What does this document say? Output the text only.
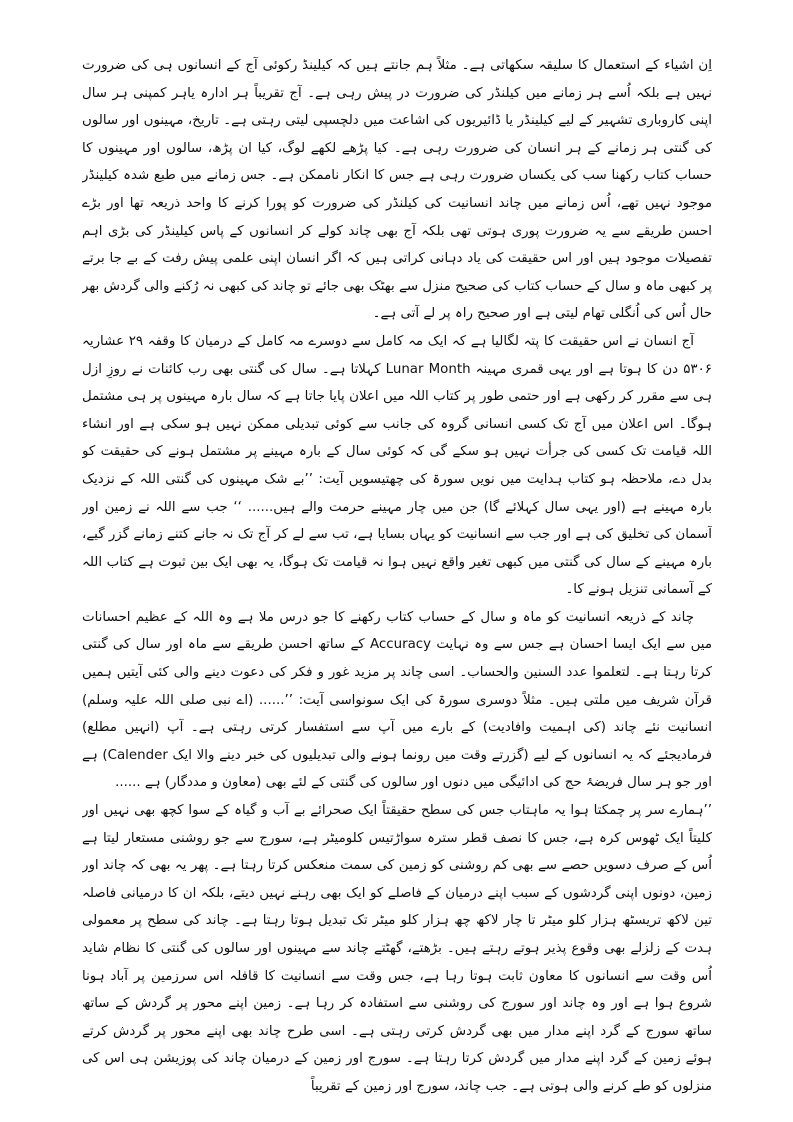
اِن اشیاء کے استعمال کا سلیقہ سکھاتی ہے۔ مثلاً ہم جانتے ہیں کہ کیلینڈ رکوئی آج کے انسانوں ہی کی ضرورت نہیں ہے بلکہ اُسے ہر زمانے میں کیلنڈر کی ضرورت در پیش رہی ہے۔ آج تقریباً ہر ادارہ یاہر کمپنی ہر سال اپنی کاروباری تشہیر کے لیے کیلینڈر یا ڈائیریوں کی اشاعت میں دلچسپی لیتی رہتی ہے۔ تاریخ، مہینوں اور سالوں کی گنتی ہر زمانے کے ہر انسان کی ضرورت رہی ہے۔ کیا پڑھے لکھے لوگ، کیا ان پڑھ، سالوں اور مہینوں کا حساب کتاب رکھنا سب کی یکساں ضرورت رہی ہے جس کا انکار ناممکن ہے۔ جس زمانے میں طبع شدہ کیلینڈر موجود نہیں تھے، اُس زمانے میں چاند انسانیت کی کیلنڈر کی ضرورت کو پورا کرنے کا واحد ذریعہ تھا اور بڑے احسن طریقے سے یہ ضرورت پوری ہوتی تھی بلکہ آج بھی چاند کولے کر انسانوں کے پاس کیلینڈر کی بڑی اہم تفصیلات موجود ہیں اور اس حقیقت کی یاد دہانی کراتی ہیں کہ اگر انسان اپنی علمی پیش رفت کے بے جا برتے پر کبھی ماہ و سال کے حساب کتاب کی صحیح منزل سے بھٹک بھی جائے تو چاند کی کبھی نہ رُکنے والی گردش بھر حال اُس کی اُنگلی تھام لیتی ہے اور صحیح راہ پر لے آتی ہے۔

آج انسان نے اس حقیقت کا پتہ لگالیا ہے کہ ایک مہ کامل سے دوسرے مہ کامل کے درمیان کا وقفہ ۲۹ عشاریہ ۵۳۰۶ دن کا ہوتا ہے اور یہی قمری مہینہ Lunar Month کہلاتا ہے۔ سال کی گنتی بھی رب کائنات نے روزِ ازل ہی سے مقرر کر رکھی ہے اور حتمی طور پر کتاب اللہ میں اعلان پایا جاتا ہے کہ سال بارہ مہینوں پر ہی مشتمل ہوگا۔ اس اعلان میں آج تک کسی انسانی گروہ کی جانب سے کوئی تبدیلی ممکن نہیں ہو سکی ہے اور انشاء اللہ قیامت تک کسی کی جرأت نہیں ہو سکے گی کہ کوئی سال کے بارہ مہینے پر مشتمل ہونے کی حقیقت کو بدل دے، ملاحظہ ہو کتاب ہدایت میں نویں سورۃ کی چھتیسویں آیت: ’’بے شک مہینوں کی گنتی اللہ کے نزدیک بارہ مہینے ہے (اور یہی سال کہلائے گا) جن میں چار مہینے حرمت والے ہیں...... ‘‘ جب سے اللہ نے زمین اور آسمان کی تخلیق کی ہے اور جب سے انسانیت کو یہاں بسایا ہے، تب سے لے کر آج تک نہ جانے کتنے زمانے گزر گیے، بارہ مہینے کے سال کی گنتی میں کبھی تغیر واقع نہیں ہوا نہ قیامت تک ہوگا، یہ بھی ایک بین ثبوت ہے کتاب اللہ کے آسمانی تنزیل ہونے کا۔

چاند کے ذریعہ انسانیت کو ماہ و سال کے حساب کتاب رکھنے کا جو درس ملا ہے وہ اللہ کے عظیم احسانات میں سے ایک ایسا احسان ہے جس سے وہ نہایت Accuracy کے ساتھ احسن طریقے سے ماہ اور سال کی گنتی کرتا رہتا ہے۔ لتعلموا عدد السنین والحساب۔ اسی چاند پر مزید غور و فکر کی دعوت دینے والی کئی آیتیں ہمیں قرآن شریف میں ملتی ہیں۔ مثلاً دوسری سورۃ کی ایک سونواسی آیت: ’’...... (اے نبی صلی اللہ علیہ وسلم) انسانیت نئے چاند (کی اہمیت وافادیت) کے بارے میں آپ سے استفسار کرتی رہتی ہے۔ آپ (انہیں مطلع) فرمادیجئے کہ یہ انسانوں کے لیے (گزرتے وقت میں رونما ہونے والی تبدیلیوں کی خبر دینے والا ایک Calender) ہے اور جو ہر سال فریضۂ حج کی ادائیگی میں دنوں اور سالوں کی گنتی کے لئے بھی (معاون و مددگار) ہے ......

’’ہمارے سر پر چمکتا ہوا یہ ماہتاب جس کی سطح حقیقتاً ایک صحرائے بے آب و گیاہ کے سوا کچھ بھی نہیں اور کلیتاً ایک ٹھوس کرہ ہے، جس کا نصف قطر سترہ سواڑتیس کلومیٹر ہے، سورج سے جو روشنی مستعار لیتا ہے اُس کے صرف دسویں حصے سے بھی کم روشنی کو زمین کی سمت منعکس کرتا رہتا ہے۔ پھر یہ بھی کہ چاند اور زمین، دونوں اپنی گردشوں کے سبب اپنے درمیان کے فاصلے کو ایک بھی رہنے نہیں دیتے، بلکہ ان کا درمیانی فاصلہ تین لاکھ تریسٹھ ہزار کلو میٹر تا چار لاکھ چھ ہزار کلو میٹر تک تبدیل ہوتا رہتا ہے۔ چاند کی سطح پر معمولی ہدت کے زلزلے بھی وقوع پذیر ہوتے رہتے ہیں۔ بڑھتے، گھٹتے چاند سے مہینوں اور سالوں کی گنتی کا نظام شاید اُس وقت سے انسانوں کا معاون ثابت ہوتا رہا ہے، جس وقت سے انسانیت کا قافلہ اس سرزمین پر آباد ہونا شروع ہوا ہے اور وہ چاند اور سورج کی روشنی سے استفادہ کر رہا ہے۔ زمین اپنے محور پر گردش کے ساتھ ساتھ سورج کے گرد اپنے مدار میں بھی گردش کرتی رہتی ہے۔ اسی طرح چاند بھی اپنے محور پر گردش کرتے ہوئے زمین کے گرد اپنے مدار میں گردش کرتا رہتا ہے۔ سورج اور زمین کے درمیان چاند کی پوزیشن ہی اس کی منزلوں کو طے کرنے والی ہوتی ہے۔ جب چاند، سورج اور زمین کے تقریباً
